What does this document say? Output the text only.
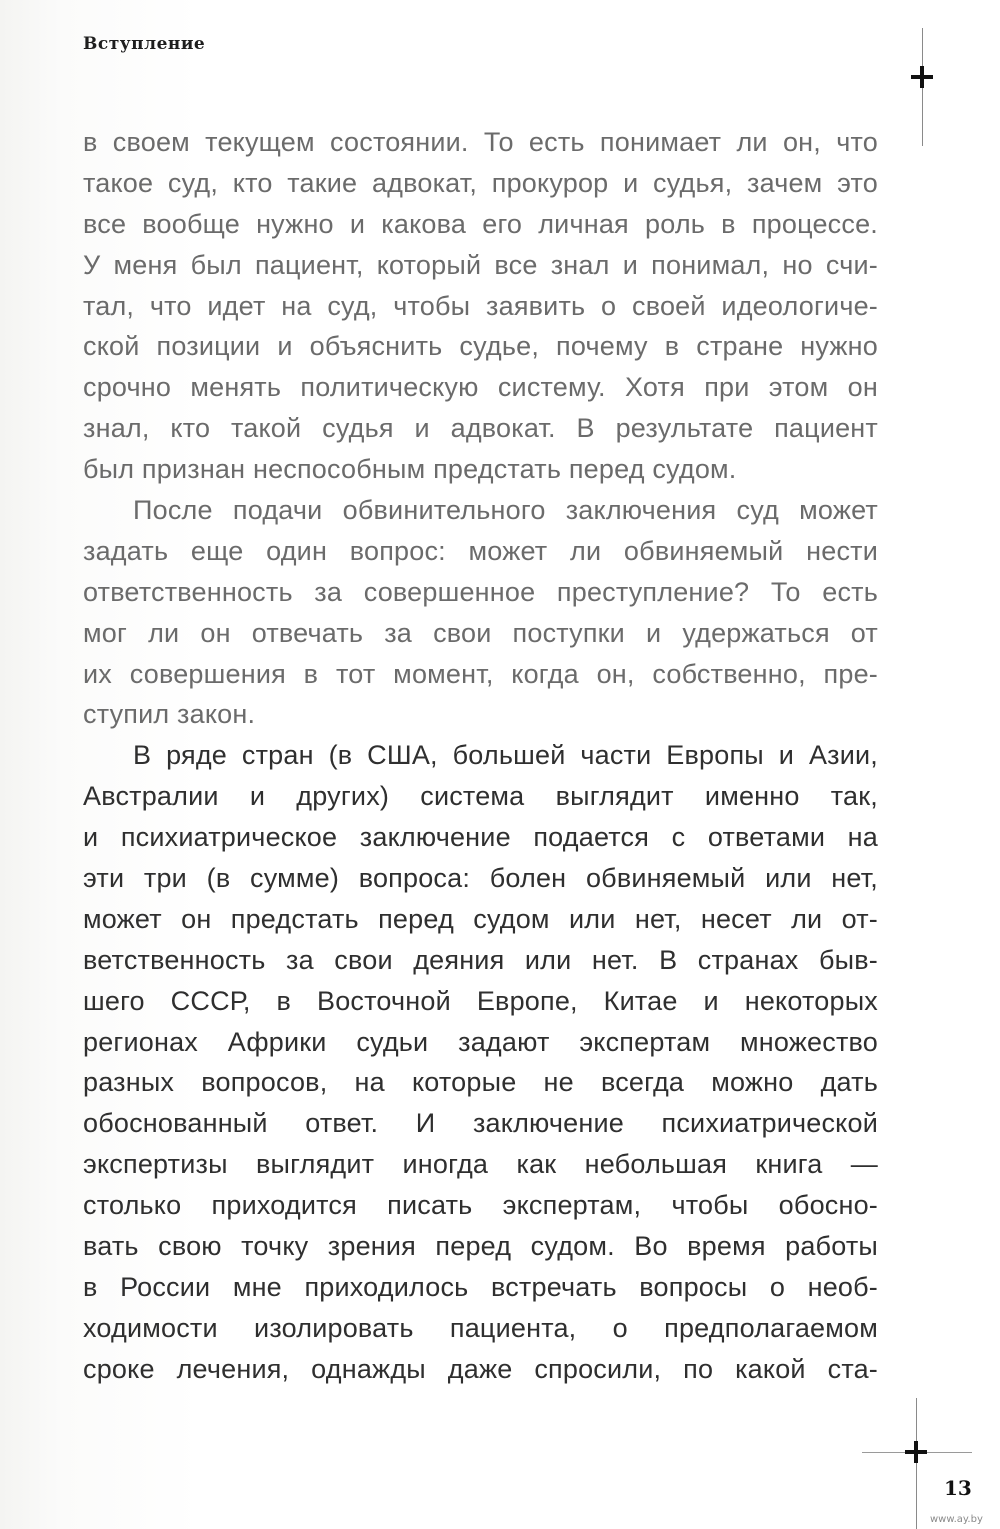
Вступление
в своем текущем состоянии. То есть понимает ли он, что
такое суд, кто такие адвокат, прокурор и судья, зачем это
все вообще нужно и какова его личная роль в процессе.
У меня был пациент, который все знал и понимал, но счи-
тал, что идет на суд, чтобы заявить о своей идеологиче-
ской позиции и объяснить судье, почему в стране нужно
срочно менять политическую систему. Хотя при этом он
знал, кто такой судья и адвокат. В результате пациент
был признан неспособным предстать перед судом.
После подачи обвинительного заключения суд может
задать еще один вопрос: может ли обвиняемый нести
ответственность за совершенное преступление? То есть
мог ли он отвечать за свои поступки и удержаться от
их совершения в тот момент, когда он, собственно, пре-
ступил закон.
В ряде стран (в США, большей части Европы и Азии,
Австралии и других) система выглядит именно так,
и психиатрическое заключение подается с ответами на
эти три (в сумме) вопроса: болен обвиняемый или нет,
может он предстать перед судом или нет, несет ли от-
ветственность за свои деяния или нет. В странах быв-
шего СССР, в Восточной Европе, Китае и некоторых
регионах Африки судьи задают экспертам множество
разных вопросов, на которые не всегда можно дать
обоснованный ответ. И заключение психиатрической
экспертизы выглядит иногда как небольшая книга —
столько приходится писать экспертам, чтобы обосно-
вать свою точку зрения перед судом. Во время работы
в России мне приходилось встречать вопросы о необ-
ходимости изолировать пациента, о предполагаемом
сроке лечения, однажды даже спросили, по какой ста-
13
www.ay.by
